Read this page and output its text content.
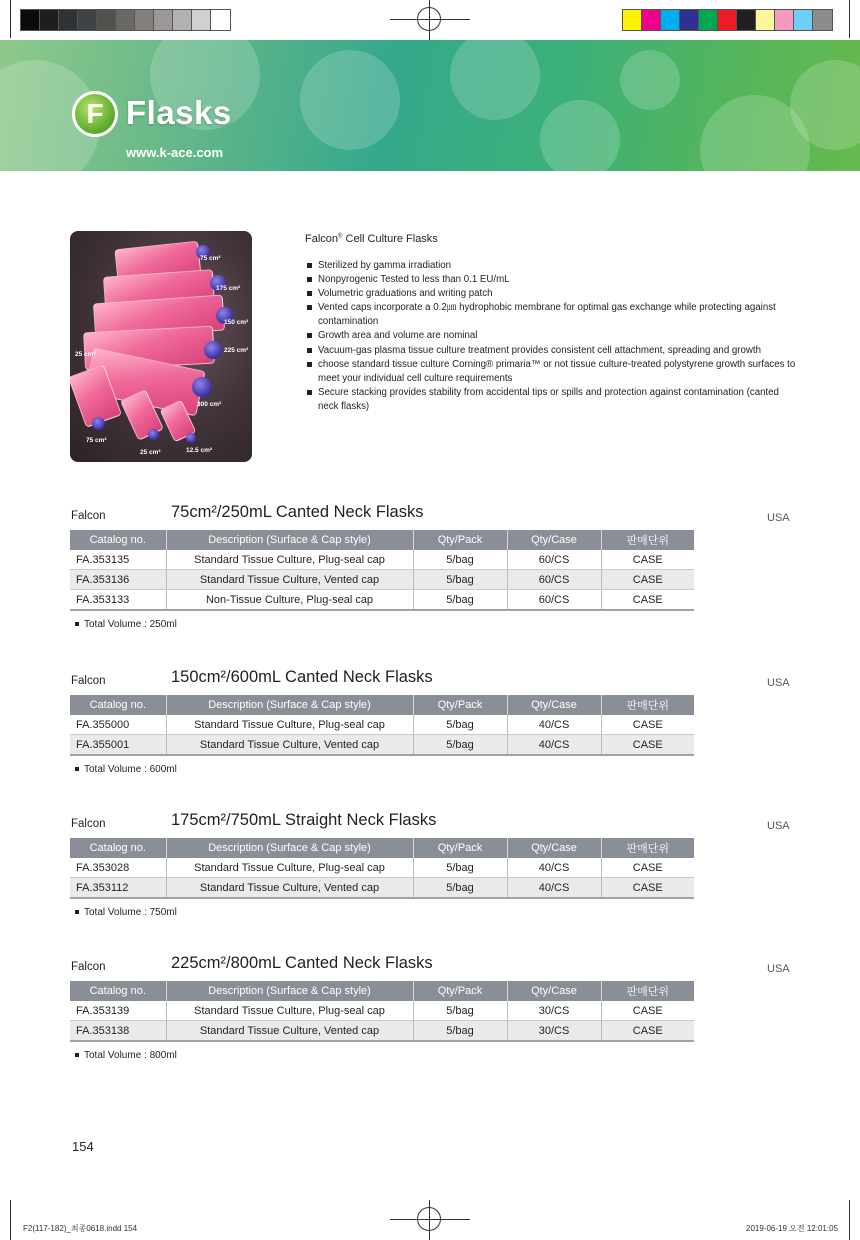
F Flasks
www.k-ace.com
75 cm²
175 cm²
150 cm²
225 cm²
25 cm²
300 cm²
75 cm²
25 cm²	12.5 cm²
Falcon® Cell Culture Flasks
Sterilized by gamma irradiation
Nonpyrogenic Tested to less than 0.1 EU/mL
Volumetric graduations and writing patch
Vented caps incorporate a 0.2㎛ hydrophobic membrane for optimal gas exchange while protecting against contamination
Growth area and volume are nominal
Vacuum-gas plasma tissue culture treatment provides consistent cell attachment, spreading and growth
choose standard tissue culture Corning® primaria™ or not tissue culture-treated polystyrene growth surfaces to meet your individual cell culture requirements
Secure stacking provides stability from accidental tips or spills and protection against contamination (canted neck flasks)
Falcon	75cm²/250mL Canted Neck Flasks	USA
Catalog no.	Description (Surface & Cap style)	Qty/Pack	Qty/Case	판매단위
FA.353135	Standard Tissue Culture, Plug-seal cap	5/bag	60/CS	CASE
FA.353136	Standard Tissue Culture, Vented cap	5/bag	60/CS	CASE
FA.353133	Non-Tissue Culture, Plug-seal cap	5/bag	60/CS	CASE
Total Volume : 250ml
Falcon	150cm²/600mL Canted Neck Flasks	USA
Catalog no.	Description (Surface & Cap style)	Qty/Pack	Qty/Case	판매단위
FA.355000	Standard Tissue Culture, Plug-seal cap	5/bag	40/CS	CASE
FA.355001	Standard Tissue Culture, Vented cap	5/bag	40/CS	CASE
Total Volume : 600ml
Falcon	175cm²/750mL Straight Neck Flasks	USA
Catalog no.	Description (Surface & Cap style)	Qty/Pack	Qty/Case	판매단위
FA.353028	Standard Tissue Culture, Plug-seal cap	5/bag	40/CS	CASE
FA.353112	Standard Tissue Culture, Vented cap	5/bag	40/CS	CASE
Total Volume : 750ml
Falcon	225cm²/800mL Canted Neck Flasks	USA
Catalog no.	Description (Surface & Cap style)	Qty/Pack	Qty/Case	판매단위
FA.353139	Standard Tissue Culture, Plug-seal cap	5/bag	30/CS	CASE
FA.353138	Standard Tissue Culture, Vented cap	5/bag	30/CS	CASE
Total Volume : 800ml
154
F2(117-182)_최종0618.indd 154	2019-06-19 오전 12:01:05
